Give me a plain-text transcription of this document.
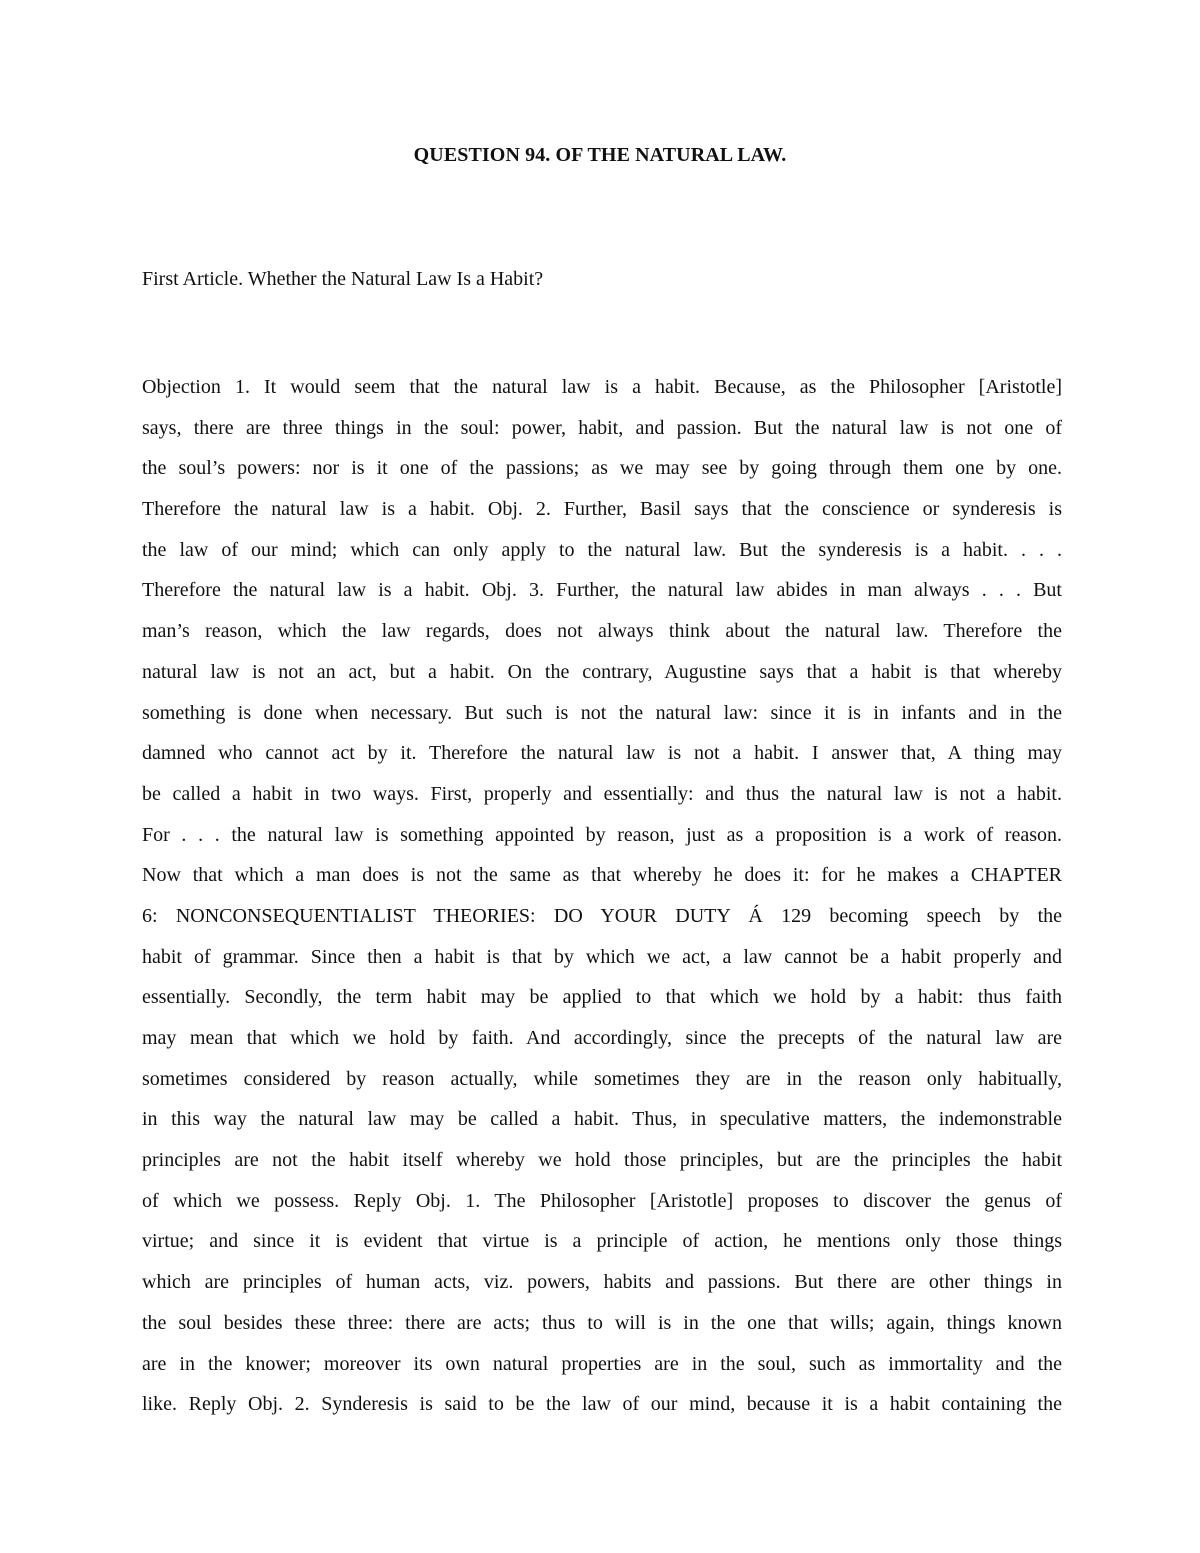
QUESTION 94. OF THE NATURAL LAW.
First Article. Whether the Natural Law Is a Habit?
Objection 1. It would seem that the natural law is a habit. Because, as the Philosopher [Aristotle]
says, there are three things in the soul: power, habit, and passion. But the natural law is not one of
the soul’s powers: nor is it one of the passions; as we may see by going through them one by one.
Therefore the natural law is a habit. Obj. 2. Further, Basil says that the conscience or synderesis is
the law of our mind; which can only apply to the natural law. But the synderesis is a habit. . . .
Therefore the natural law is a habit. Obj. 3. Further, the natural law abides in man always . . . But
man’s reason, which the law regards, does not always think about the natural law. Therefore the
natural law is not an act, but a habit. On the contrary, Augustine says that a habit is that whereby
something is done when necessary. But such is not the natural law: since it is in infants and in the
damned who cannot act by it. Therefore the natural law is not a habit. I answer that, A thing may
be called a habit in two ways. First, properly and essentially: and thus the natural law is not a habit.
For . . . the natural law is something appointed by reason, just as a proposition is a work of reason.
Now that which a man does is not the same as that whereby he does it: for he makes a CHAPTER
6: NONCONSEQUENTIALIST THEORIES: DO YOUR DUTY Á 129 becoming speech by the
habit of grammar. Since then a habit is that by which we act, a law cannot be a habit properly and
essentially. Secondly, the term habit may be applied to that which we hold by a habit: thus faith
may mean that which we hold by faith. And accordingly, since the precepts of the natural law are
sometimes considered by reason actually, while sometimes they are in the reason only habitually,
in this way the natural law may be called a habit. Thus, in speculative matters, the indemonstrable
principles are not the habit itself whereby we hold those principles, but are the principles the habit
of which we possess. Reply Obj. 1. The Philosopher [Aristotle] proposes to discover the genus of
virtue; and since it is evident that virtue is a principle of action, he mentions only those things
which are principles of human acts, viz. powers, habits and passions. But there are other things in
the soul besides these three: there are acts; thus to will is in the one that wills; again, things known
are in the knower; moreover its own natural properties are in the soul, such as immortality and the
like. Reply Obj. 2. Synderesis is said to be the law of our mind, because it is a habit containing the
